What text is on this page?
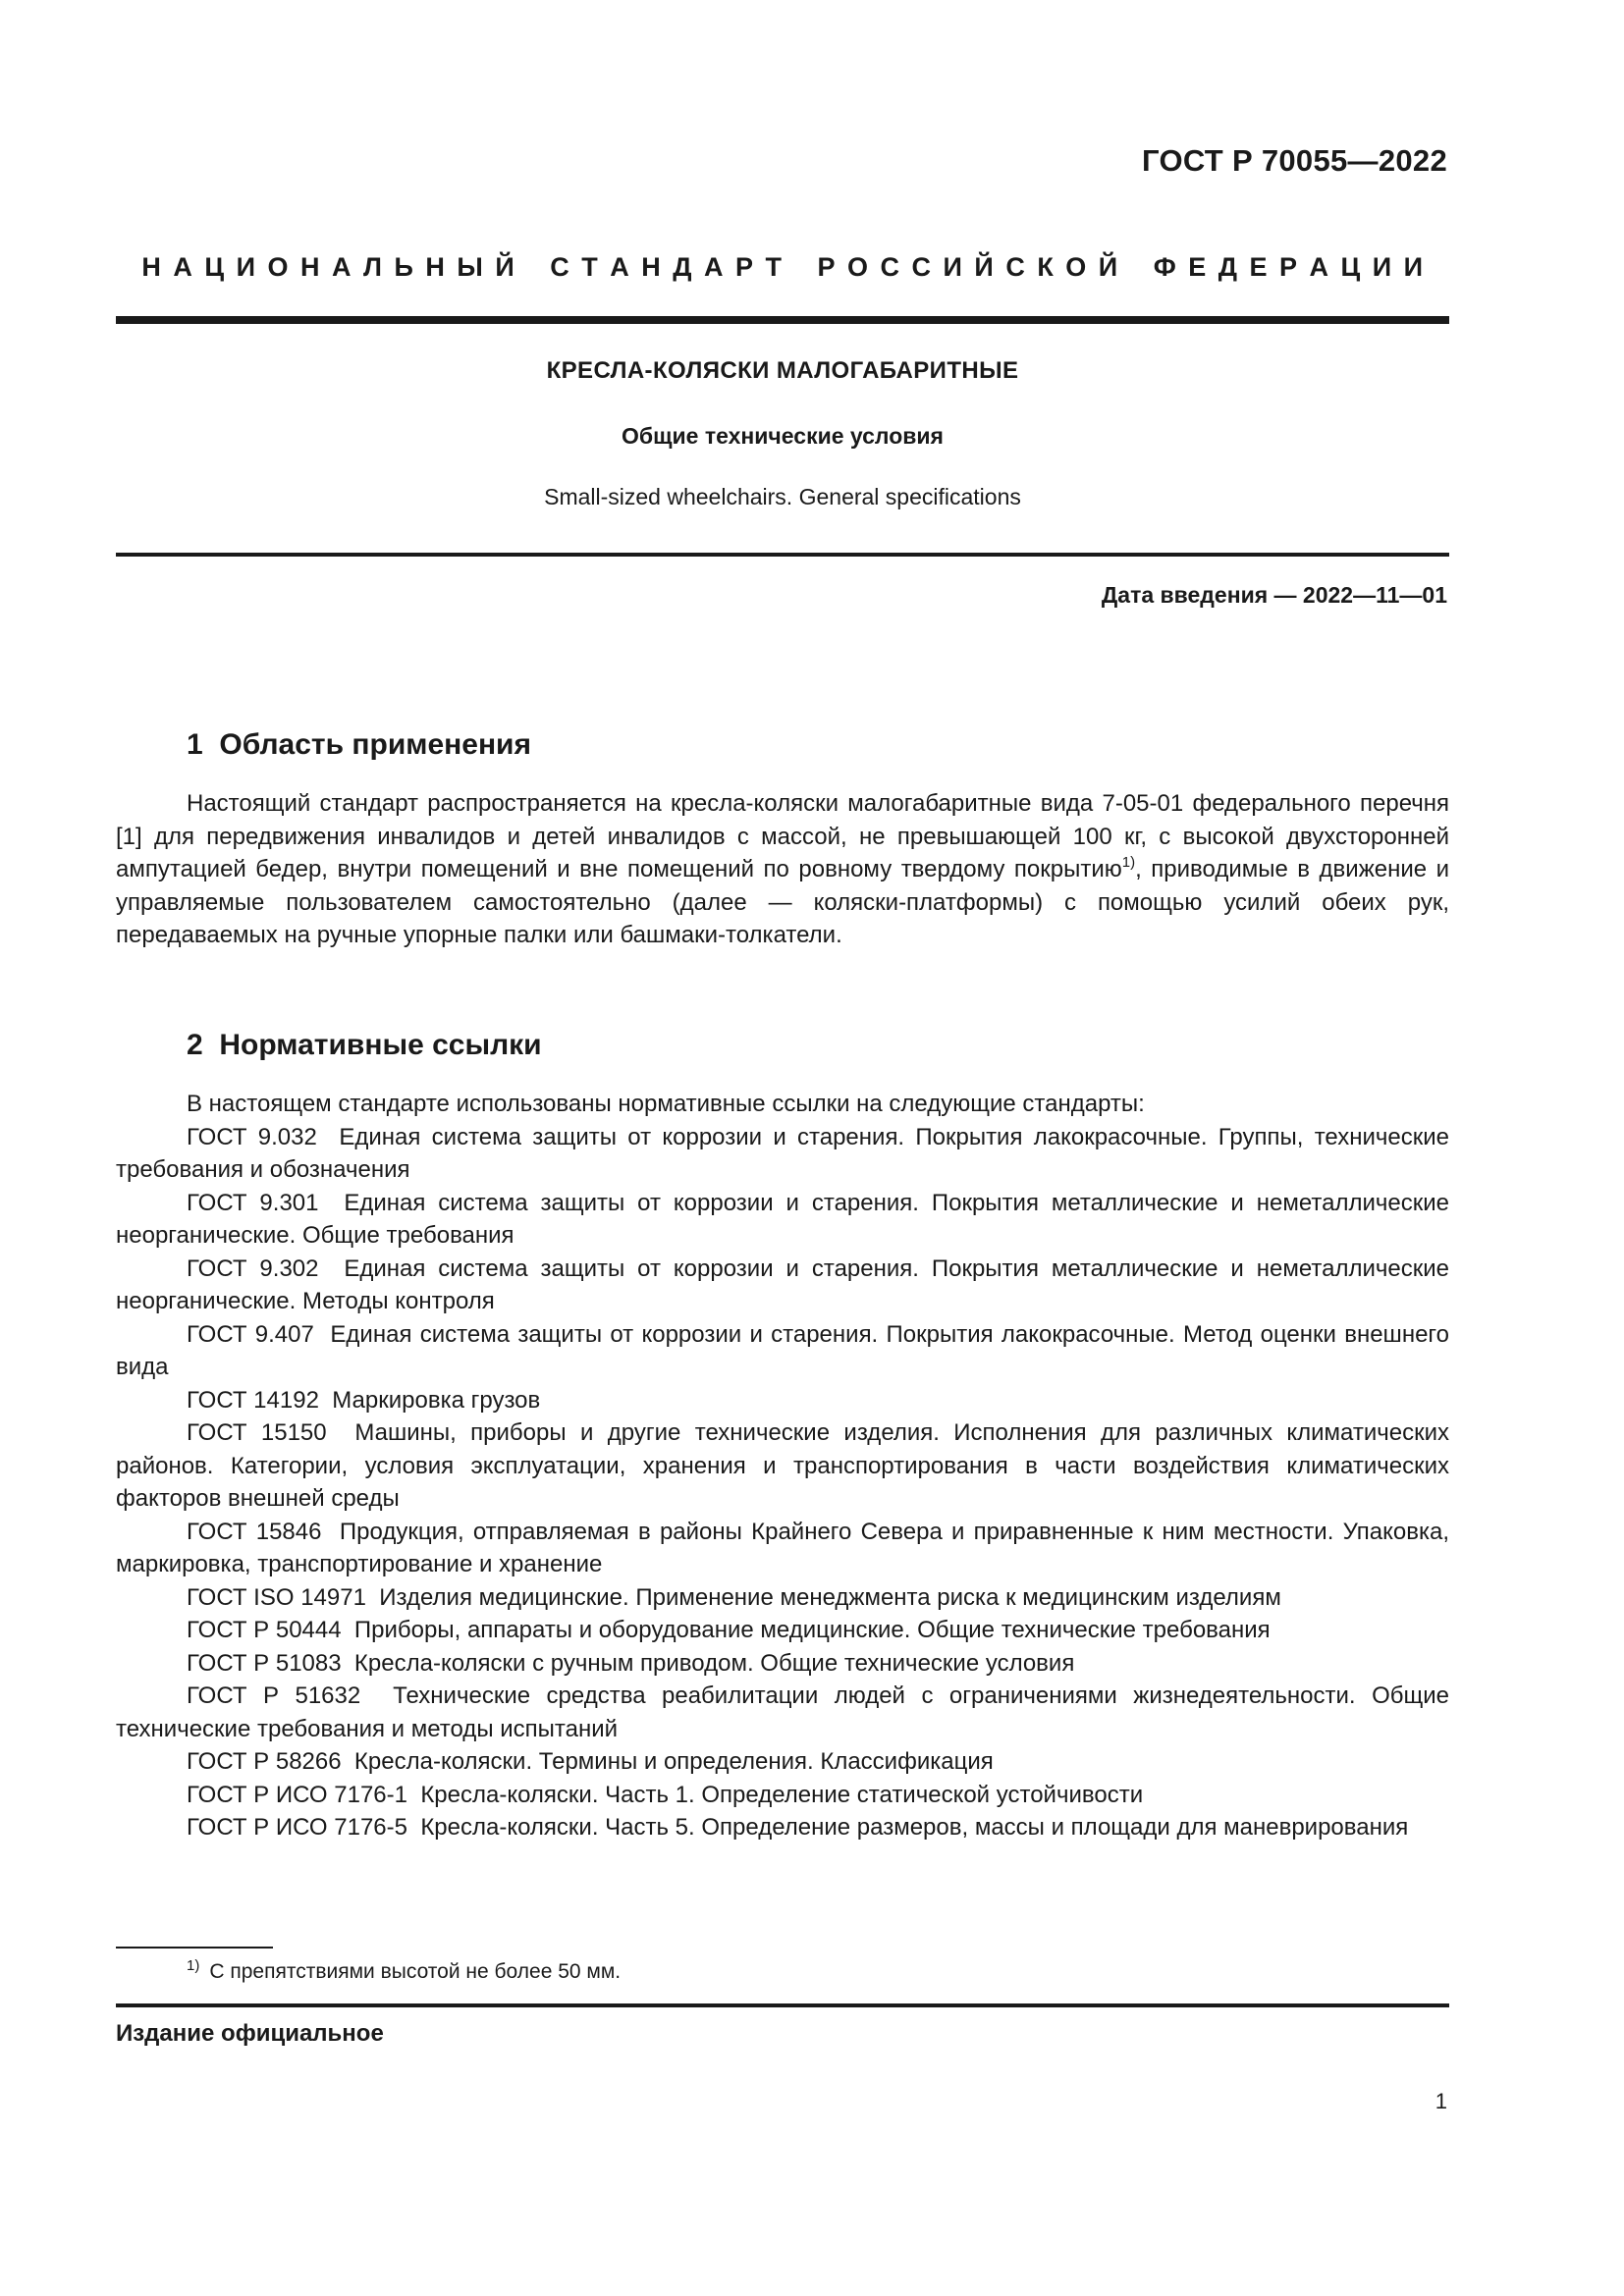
ГОСТ Р 70055—2022
Н А Ц И О Н А Л Ь Н Ы Й   С Т А Н Д А Р Т   Р О С С И Й С К О Й   Ф Е Д Е Р А Ц И И
КРЕСЛА-КОЛЯСКИ МАЛОГАБАРИТНЫЕ
Общие технические условия
Small-sized wheelchairs. General specifications
Дата введения — 2022—11—01
1  Область применения

Настоящий стандарт распространяется на кресла-коляски малогабаритные вида 7-05-01 федерального перечня [1] для передвижения инвалидов и детей инвалидов с массой, не превышающей 100 кг, с высокой двухсторонней ампутацией бедер, внутри помещений и вне помещений по ровному твердому покрытию$^{1)}$, приводимые в движение и управляемые пользователем самостоятельно (далее — коляски-платформы) с помощью усилий обеих рук, передаваемых на ручные упорные палки или башмаки-толкатели.

2  Нормативные ссылки

В настоящем стандарте использованы нормативные ссылки на следующие стандарты:

ГОСТ 9.032  Единая система защиты от коррозии и старения. Покрытия лакокрасочные. Группы, технические требования и обозначения

ГОСТ 9.301  Единая система защиты от коррозии и старения. Покрытия металлические и неметаллические неорганические. Общие требования

ГОСТ 9.302  Единая система защиты от коррозии и старения. Покрытия металлические и неметаллические неорганические. Методы контроля

ГОСТ 9.407  Единая система защиты от коррозии и старения. Покрытия лакокрасочные. Метод оценки внешнего вида

ГОСТ 14192  Маркировка грузов

ГОСТ 15150  Машины, приборы и другие технические изделия. Исполнения для различных климатических районов. Категории, условия эксплуатации, хранения и транспортирования в части воздействия климатических факторов внешней среды

ГОСТ 15846  Продукция, отправляемая в районы Крайнего Севера и приравненные к ним местности. Упаковка, маркировка, транспортирование и хранение

ГОСТ ISO 14971  Изделия медицинские. Применение менеджмента риска к медицинским изделиям

ГОСТ Р 50444  Приборы, аппараты и оборудование медицинские. Общие технические требования

ГОСТ Р 51083  Кресла-коляски с ручным приводом. Общие технические условия

ГОСТ Р 51632  Технические средства реабилитации людей с ограничениями жизнедеятельности. Общие технические требования и методы испытаний

ГОСТ Р 58266  Кресла-коляски. Термины и определения. Классификация

ГОСТ Р ИСО 7176-1  Кресла-коляски. Часть 1. Определение статической устойчивости

ГОСТ Р ИСО 7176-5  Кресла-коляски. Часть 5. Определение размеров, массы и площади для маневрирования

$^{1)}$ С препятствиями высотой не более 50 мм.
Издание официальное
1
